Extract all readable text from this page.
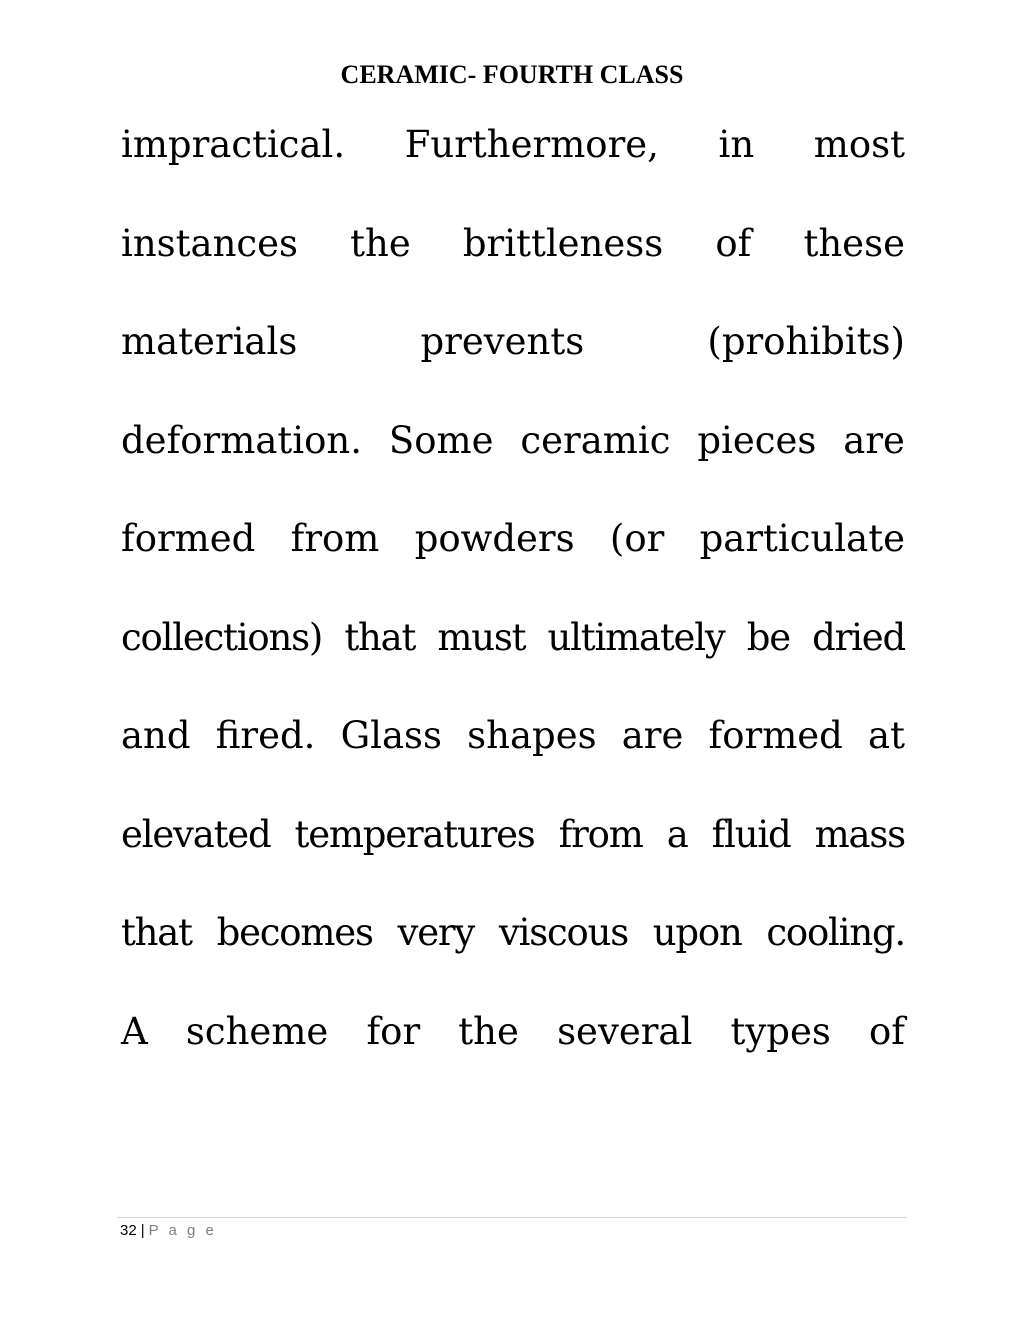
CERAMIC- FOURTH CLASS
impractical. Furthermore, in most
instances the brittleness of these
materials	prevents	(prohibits)
deformation. Some ceramic pieces are
formed from powders (or particulate
collections) that must ultimately be dried
and fired. Glass shapes are formed at
elevated temperatures from a fluid mass
that becomes very viscous upon cooling.
A scheme for the several types of
32 | P a g e
